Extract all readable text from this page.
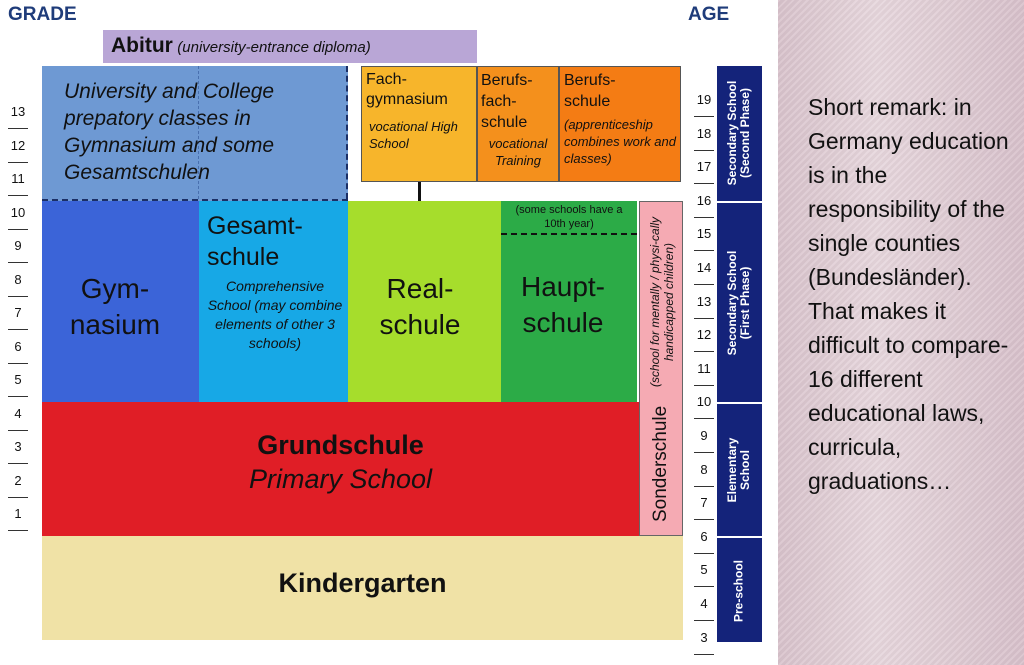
GRADE	AGE
Abitur (university-entrance diploma)
University and College prepatory classes in Gymnasium and some Gesamtschulen
Fach-gymnasium
vocational High School
Berufs-fach-schule
vocational Training
Berufs-schule
(apprenticeship combines work and classes)
Gym-nasium
Gesamt-schule
Comprehensive School (may combine elements of other 3 schools)
Real-schule
(some schools have a 10th year)
Haupt-schule
Sonderschule
(school for mentally / physi-cally handicapped children)
Grundschule
Primary School
Kindergarten
13
12
11
10
9
8
7
6
5
4
3
2
1
19
18
17
16
15
14
13
12
11
10
9
8
7
6
5
4
3
Secondary School (Second Phase)
Secondary School (First Phase)
Elementary School
Pre-school
Short remark: in Germany education is in the responsibility of the single counties (Bundesländer). That makes it difficult to compare- 16 different educational laws, curricula, graduations…
